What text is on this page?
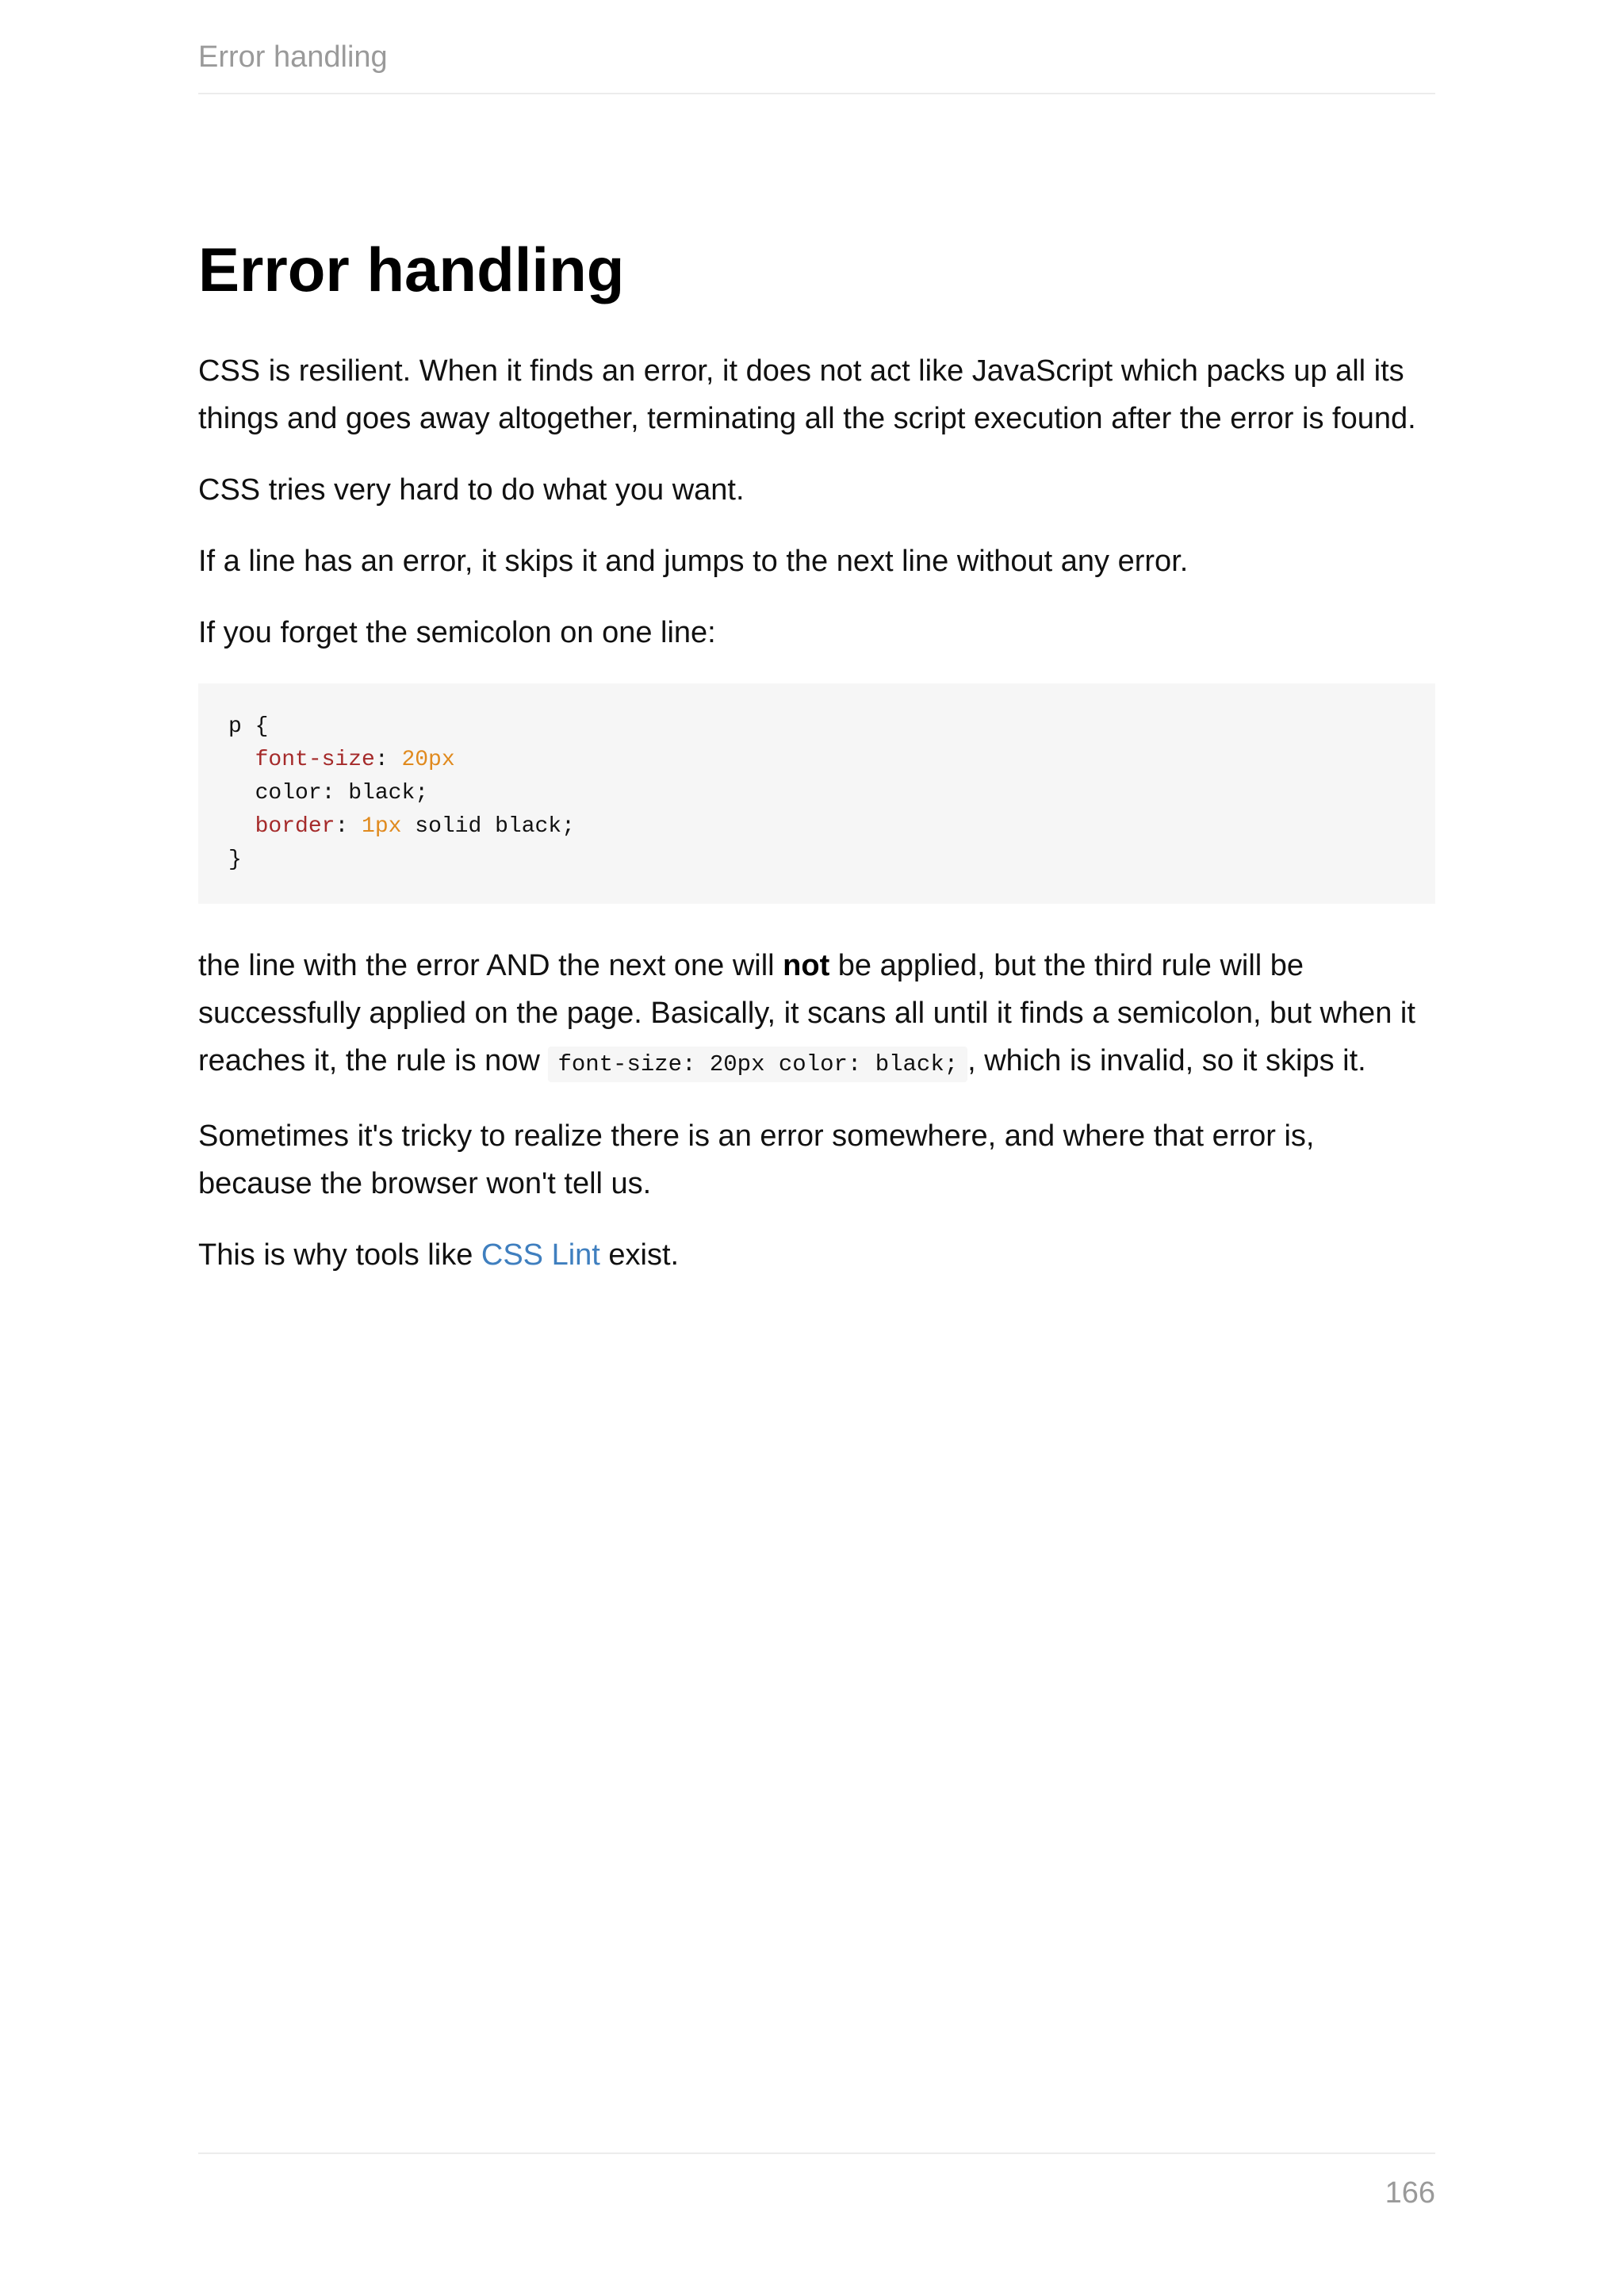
Error handling
Error handling

CSS is resilient. When it finds an error, it does not act like JavaScript which packs up all its things and goes away altogether, terminating all the script execution after the error is found.

CSS tries very hard to do what you want.

If a line has an error, it skips it and jumps to the next line without any error.

If you forget the semicolon on one line:

p {
font-size: 20px
color: black;
border: 1px solid black;
}

the line with the error AND the next one will not be applied, but the third rule will be successfully applied on the page. Basically, it scans all until it finds a semicolon, but when it reaches it, the rule is now font-size: 20px color: black; , which is invalid, so it skips it.

Sometimes it's tricky to realize there is an error somewhere, and where that error is, because the browser won't tell us.

This is why tools like CSS Lint exist.

166
